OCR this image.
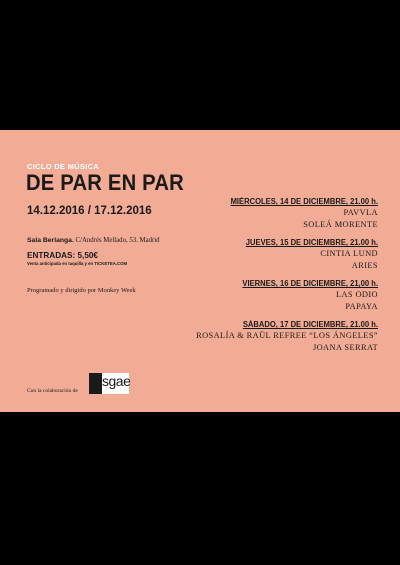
CICLO DE MÚSICA
DE PAR EN PAR
14.12.2016 / 17.12.2016
Sala Berlanga. C/Andrés Mellado, 53. Madrid
ENTRADAS: 5,50€
Venta anticipada en taquilla y en TICKETEA.COM
Programado y dirigido por Monkey Week
Con la colaboración de
sgae
MIÉRCOLES, 14 DE DICIEMBRE, 21.00 h.
PAVVLA
SOLEÁ MORENTE
JUEVES, 15 DE DICIEMBRE, 21.00 h.
CINTIA LUND
ARIES
VIERNES, 16 DE DICIEMBRE, 21,00 h.
LAS ODIO
PAPAYA
SÁBADO, 17 DE DICIEMBRE, 21.00 h.
ROSALÍA & RAÜL REFREE “LOS ÁNGELES”
JOANA SERRAT
